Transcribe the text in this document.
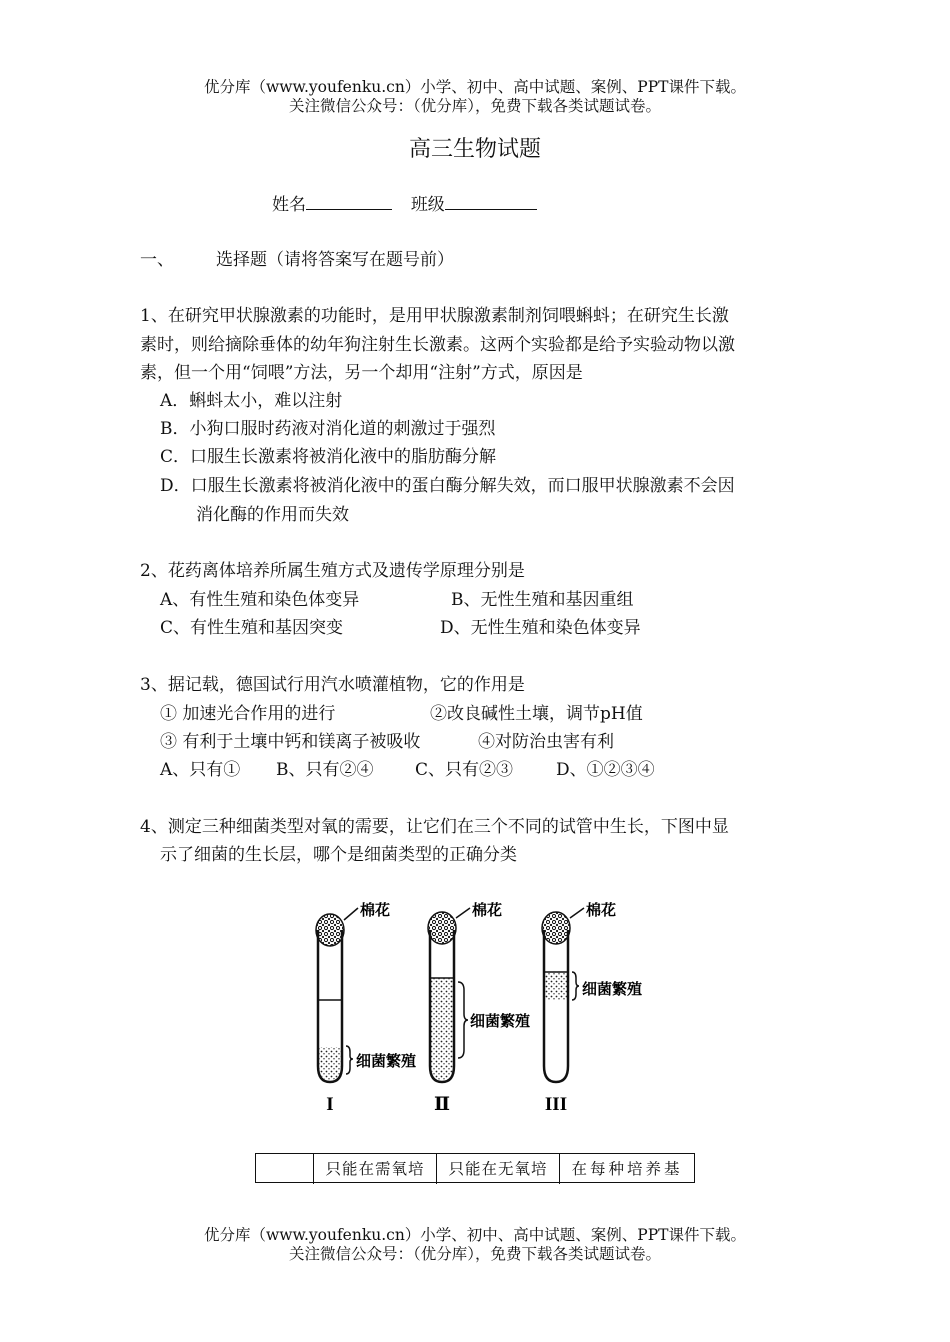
优分库（www.youfenku.cn）小学、初中、高中试题、案例、PPT课件下载。
关注微信公众号：（优分库），免费下载各类试题试卷。
高三生物试题
姓名	班级
一、 选择题（请将答案写在题号前）
1、在研究甲状腺激素的功能时，是用甲状腺激素制剂饲喂蝌蚪；在研究生长激
素时，则给摘除垂体的幼年狗注射生长激素。这两个实验都是给予实验动物以激
素，但一个用“饲喂”方法，另一个却用“注射”方式，原因是
A．蝌蚪太小，难以注射
B．小狗口服时药液对消化道的刺激过于强烈
C．口服生长激素将被消化液中的脂肪酶分解
D．口服生长激素将被消化液中的蛋白酶分解失效，而口服甲状腺激素不会因
消化酶的作用而失效
2、花药离体培养所属生殖方式及遗传学原理分别是
A、有性生殖和染色体变异	B、无性生殖和基因重组
C、有性生殖和基因突变	D、无性生殖和染色体变异
3、据记载，德国试行用汽水喷灌植物，它的作用是
① 加速光合作用的进行	②改良碱性土壤，调节pH值
③ 有利于土壤中钙和镁离子被吸收	④对防治虫害有利
A、只有① B、只有②④ C、只有②③	D、①②③④
4、测定三种细菌类型对氧的需要，让它们在三个不同的试管中生长，下图中显
示了细菌的生长层，哪个是细菌类型的正确分类
棉花	棉花	棉花
细菌繁殖
细菌繁殖
细菌繁殖
I	Ⅱ	III
只能在需氧培	只能在无氧培	在每种培养基
优分库（www.youfenku.cn）小学、初中、高中试题、案例、PPT课件下载。
关注微信公众号：（优分库），免费下载各类试题试卷。
